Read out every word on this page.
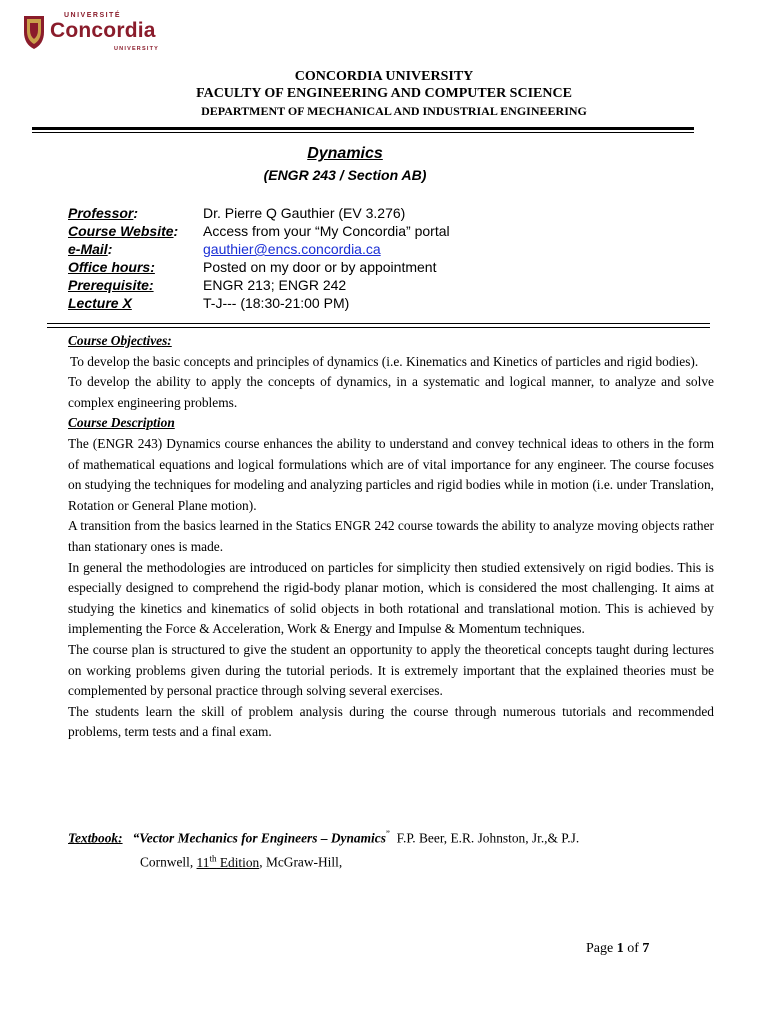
UNIVERSITÉ
Concordia
UNIVERSITY
CONCORDIA UNIVERSITY
FACULTY OF ENGINEERING AND COMPUTER SCIENCE
DEPARTMENT OF MECHANICAL AND INDUSTRIAL ENGINEERING
Dynamics
(ENGR 243 / Section AB)
Professor:	Dr. Pierre Q Gauthier (EV 3.276)
Course Website: Access from your “My Concordia” portal
e-Mail:	gauthier@encs.concordia.ca
Office hours:	Posted on my door or by appointment
Prerequisite:	ENGR 213; ENGR 242
Lecture X	T-J--- (18:30-21:00 PM)

Course Objectives:

To develop the basic concepts and principles of dynamics (i.e. Kinematics and Kinetics of particles and rigid bodies).

To develop the ability to apply the concepts of dynamics, in a systematic and logical manner, to analyze and solve complex engineering problems.

Course Description

The (ENGR 243) Dynamics course enhances the ability to understand and convey technical ideas to others in the form of mathematical equations and logical formulations which are of vital importance for any engineer. The course focuses on studying the techniques for modeling and analyzing particles and rigid bodies while in motion (i.e. under Translation, Rotation or General Plane motion).

A transition from the basics learned in the Statics ENGR 242 course towards the ability to analyze moving objects rather than stationary ones is made.

In general the methodologies are introduced on particles for simplicity then studied extensively on rigid bodies. This is especially designed to comprehend the rigid-body planar motion, which is considered the most challenging. It aims at studying the kinetics and kinematics of solid objects in both rotational and translational motion. This is achieved by implementing the Force & Acceleration, Work & Energy and Impulse & Momentum techniques.

The course plan is structured to give the student an opportunity to apply the theoretical concepts taught during lectures on working problems given during the tutorial periods. It is extremely important that the explained theories must be complemented by personal practice through solving several exercises.

The students learn the skill of problem analysis during the course through numerous tutorials and recommended problems, term tests and a final exam.

Textbook: “Vector Mechanics for Engineers – Dynamics” F.P. Beer, E.R. Johnston, Jr.,& P.J.
Cornwell, 11th Edition, McGraw-Hill,
Page 1 of 7
